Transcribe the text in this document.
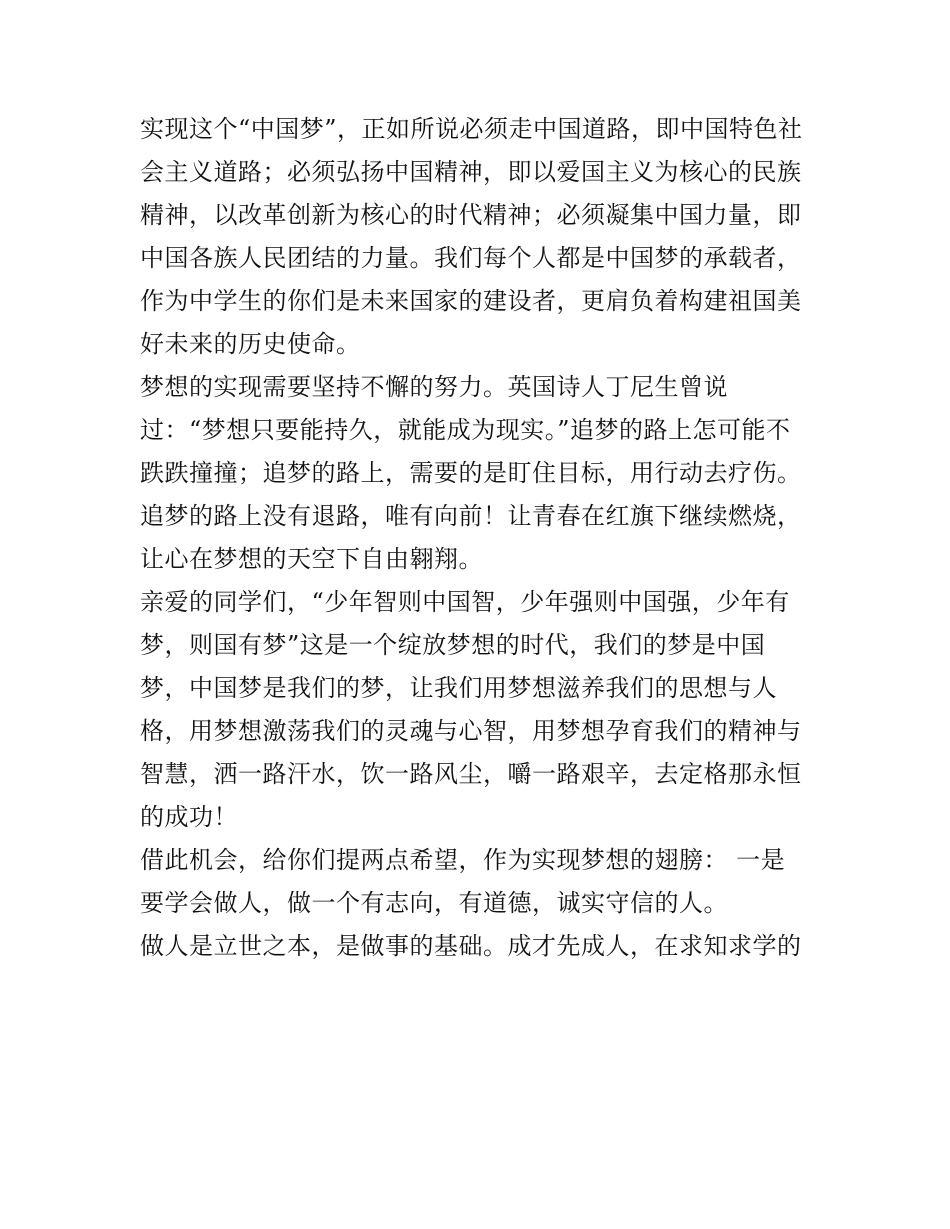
实现这个“中国梦”，正如所说必须走中国道路，即中国特色社
会主义道路；必须弘扬中国精神，即以爱国主义为核心的民族
精神，以改革创新为核心的时代精神；必须凝集中国力量，即
中国各族人民团结的力量。我们每个人都是中国梦的承载者，
作为中学生的你们是未来国家的建设者，更肩负着构建祖国美
好未来的历史使命。
梦想的实现需要坚持不懈的努力。英国诗人丁尼生曾说
过：“梦想只要能持久，就能成为现实。”追梦的路上怎可能不
跌跌撞撞；追梦的路上，需要的是盯住目标，用行动去疗伤。
追梦的路上没有退路，唯有向前！让青春在红旗下继续燃烧，
让心在梦想的天空下自由翱翔。
亲爱的同学们，“少年智则中国智，少年强则中国强，少年有
梦，则国有梦”这是一个绽放梦想的时代，我们的梦是中国
梦，中国梦是我们的梦，让我们用梦想滋养我们的思想与人
格，用梦想激荡我们的灵魂与心智，用梦想孕育我们的精神与
智慧，洒一路汗水，饮一路风尘，嚼一路艰辛，去定格那永恒
的成功！
借此机会，给你们提两点希望，作为实现梦想的翅膀： 一是
要学会做人，做一个有志向，有道德，诚实守信的人。
做人是立世之本，是做事的基础。成才先成人，在求知求学的
